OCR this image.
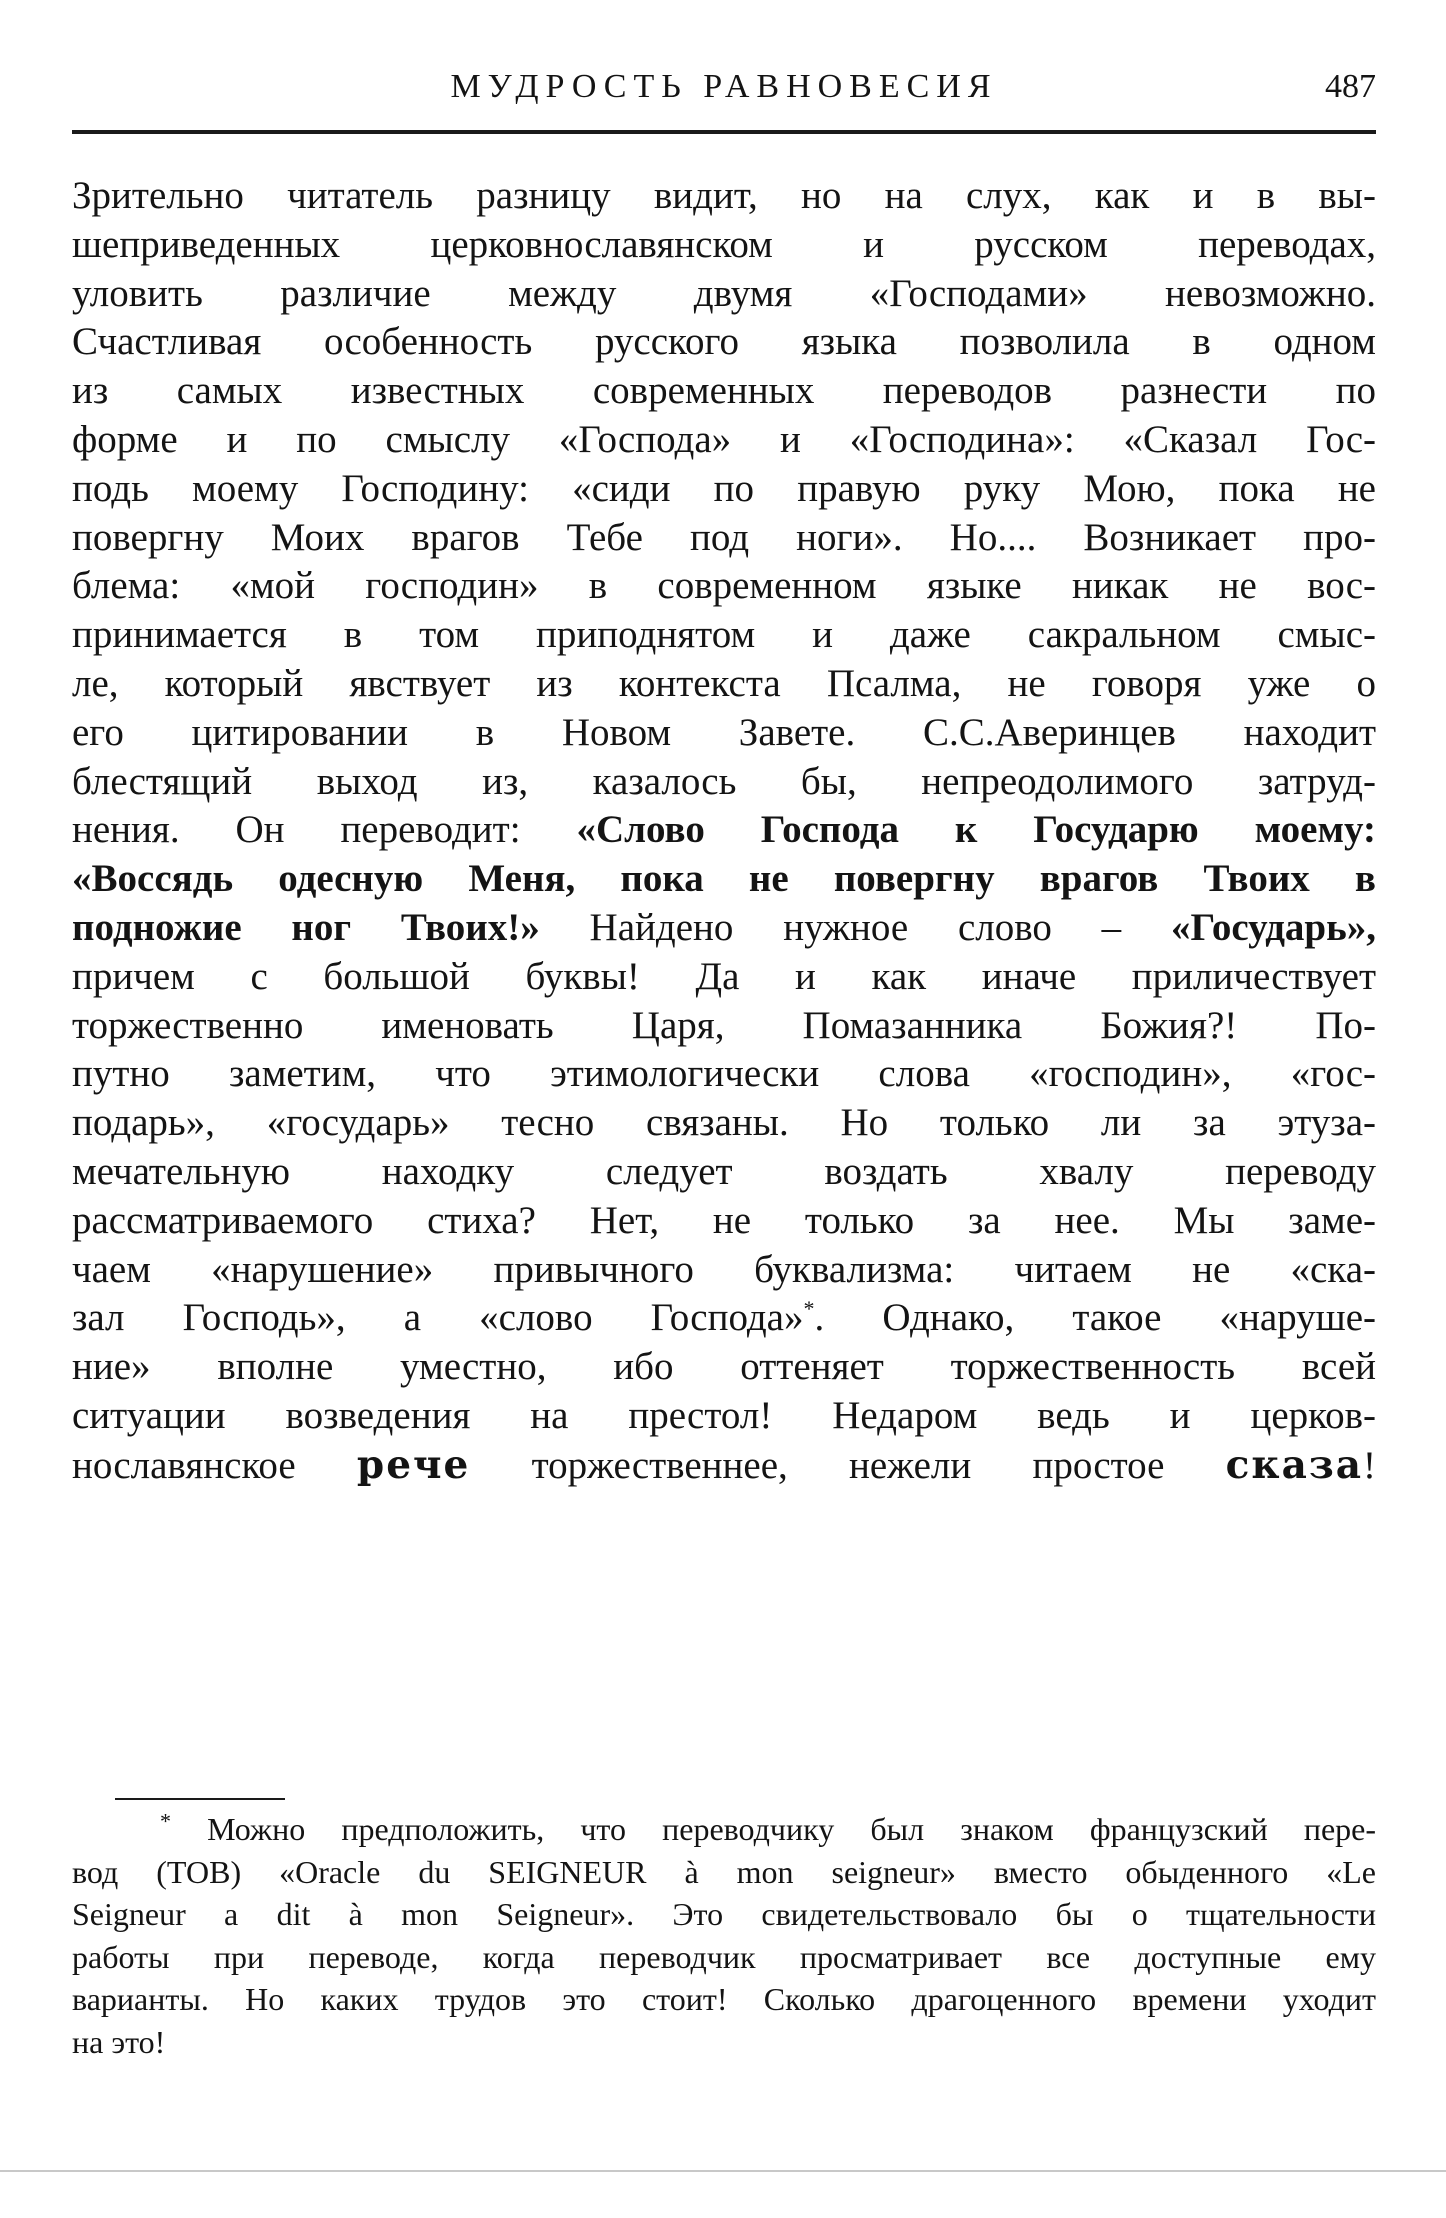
МУДРОСТЬ РАВНОВЕСИЯ	487
Зрительно читатель разницу видит, но на слух, как и в вы-
шеприведенных церковнославянском и русском переводах,
уловить различие между двумя «Господами» невозможно.
Счастливая особенность русского языка позволила в одном
из самых известных современных переводов разнести по
форме и по смыслу «Господа» и «Господина»: «Сказал Гос-
подь моему Господину: «сиди по правую руку Мою, пока не
повергну Моих врагов Тебе под ноги». Но.... Возникает про-
блема: «мой господин» в современном языке никак не вос-
принимается в том приподнятом и даже сакральном смыс-
ле, который явствует из контекста Псалма, не говоря уже о
его цитировании в Новом Завете. С.С.Аверинцев находит
блестящий выход из, казалось бы, непреодолимого затруд-
нения. Он переводит: «Слово Господа к Государю моему:
«Воссядь одесную Меня, пока не повергну врагов Твоих в
подножие ног Твоих!» Найдено нужное слово – «Государь»,
причем с большой буквы! Да и как иначе приличествует
торжественно именовать Царя, Помазанника Божия?! По-
путно заметим, что этимологически слова «господин», «гос-
подарь», «государь» тесно связаны. Но только ли за этуза-
мечательную находку следует воздать хвалу переводу
рассматриваемого стиха? Нет, не только за нее. Мы заме-
чаем «нарушение» привычного буквализма: читаем не «ска-
зал Господь», а «слово Господа»*. Однако, такое «наруше-
ние» вполне уместно, ибо оттеняет торжественность всей
ситуации возведения на престол! Недаром ведь и церков-
нославянское рече торжественнее, нежели простое сказа!
* Можно предположить, что переводчику был знаком французский пере-
вод (ТОВ) «Oracle du SEIGNEUR à mon seigneur» вместо обыденного «Le
Seigneur a dit à mon Seigneur». Это свидетельствовало бы о тщательности
работы при переводе, когда переводчик просматривает все доступные ему
варианты. Но каких трудов это стоит! Сколько драгоценного времени уходит
на это!
